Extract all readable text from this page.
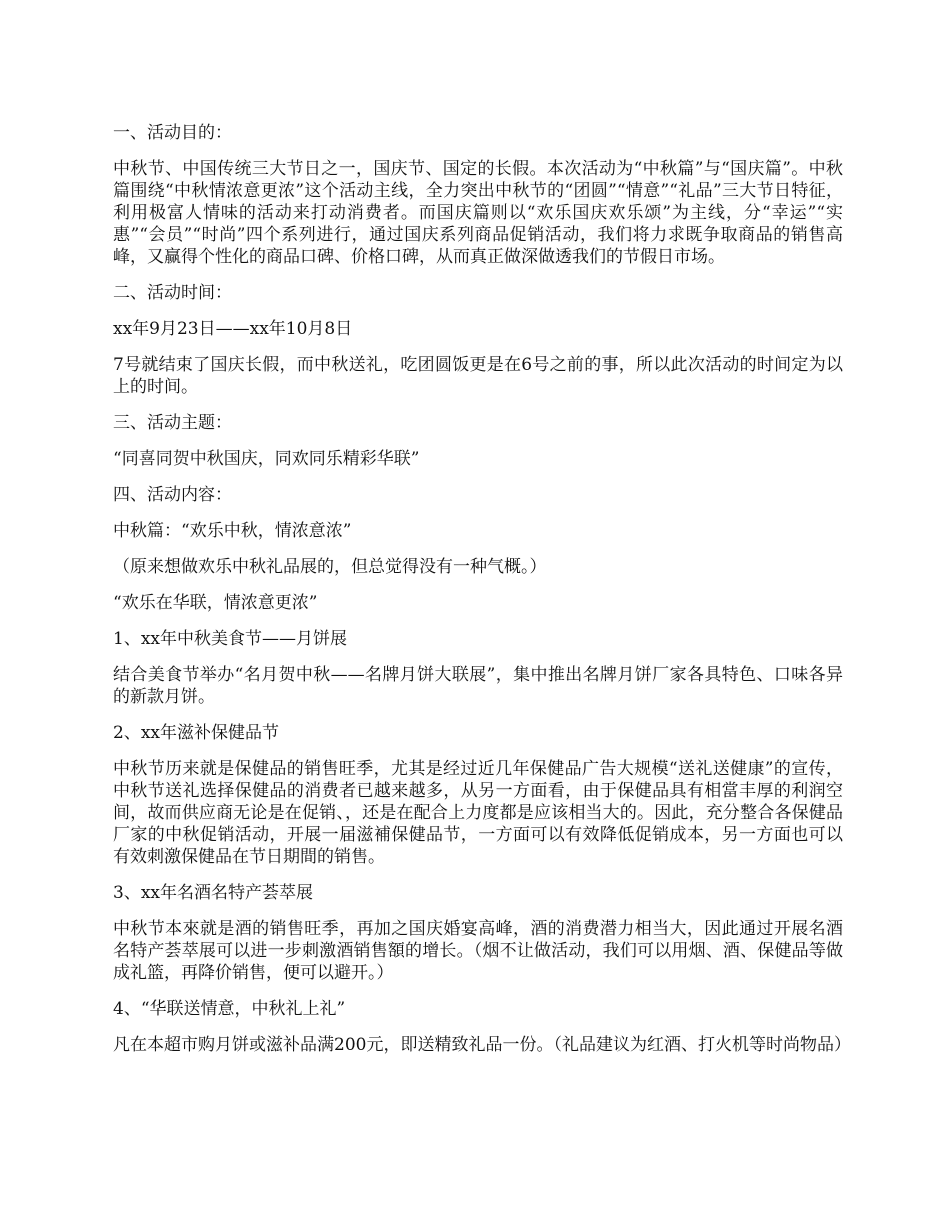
一、活动目的：

中秋节、中国传统三大节日之一，国庆节、国定的长假。本次活动为“中秋篇”与“国庆篇”。中秋篇围绕“中秋情浓意更浓”这个活动主线，全力突出中秋节的“团圆”“情意”“礼品”三大节日特征，利用极富人情味的活动来打动消费者。而国庆篇则以“欢乐国庆欢乐颂”为主线，分“幸运”“实惠”“会员”“时尚”四个系列进行，通过国庆系列商品促销活动，我们将力求既争取商品的销售高峰，又赢得个性化的商品口碑、价格口碑，从而真正做深做透我们的节假日市场。

二、活动时间：

xx年9月23日——xx年10月8日

7号就结束了国庆长假，而中秋送礼，吃团圆饭更是在6号之前的事，所以此次活动的时间定为以上的时间。

三、活动主题：

“同喜同贺中秋国庆，同欢同乐精彩华联”

四、活动内容：

中秋篇：“欢乐中秋，情浓意浓”

（原来想做欢乐中秋礼品展的，但总觉得没有一种气概。）

“欢乐在华联，情浓意更浓”

1、xx年中秋美食节——月饼展

结合美食节举办“名月贺中秋——名牌月饼大联展”，集中推出名牌月饼厂家各具特色、口味各异的新款月饼。

2、xx年滋补保健品节

中秋节历来就是保健品的销售旺季，尤其是经过近几年保健品广告大规模“送礼送健康”的宣传，中秋节送礼选择保健品的消费者已越来越多，从另一方面看，由于保健品具有相當丰厚的利润空间，故而供应商无论是在促销、，还是在配合上力度都是应该相当大的。因此，充分整合各保健品厂家的中秋促销活动，开展一届滋補保健品节，一方面可以有效降低促销成本，另一方面也可以有效刺激保健品在节日期間的销售。

3、xx年名酒名特产荟萃展

中秋节本來就是酒的销售旺季，再加之国庆婚宴高峰，酒的消费潜力相当大，因此通过开展名酒名特产荟萃展可以进一步刺激酒销售額的增长。（烟不让做活动，我们可以用烟、酒、保健品等做成礼篮，再降价销售，便可以避开。）

4、“华联送情意，中秋礼上礼”

凡在本超市购月饼或滋补品满200元，即送精致礼品一份。（礼品建议为红酒、打火机等时尚物品）
